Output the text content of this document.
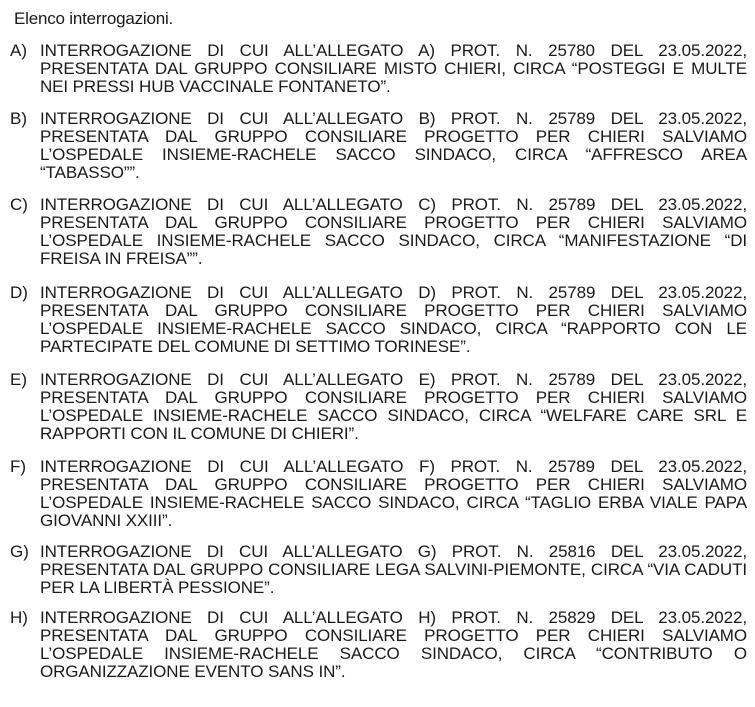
Elenco interrogazioni.
A) INTERROGAZIONE DI CUI ALL’ALLEGATO A) PROT. N. 25780 DEL 23.05.2022,
PRESENTATA DAL GRUPPO CONSILIARE MISTO CHIERI, CIRCA “POSTEGGI E MULTE
NEI PRESSI HUB VACCINALE FONTANETO”.
B) INTERROGAZIONE DI CUI ALL’ALLEGATO B) PROT. N. 25789 DEL 23.05.2022,
PRESENTATA DAL GRUPPO CONSILIARE PROGETTO PER CHIERI SALVIAMO
L’OSPEDALE INSIEME-RACHELE SACCO SINDACO, CIRCA “AFFRESCO AREA
“TABASSO””.
C) INTERROGAZIONE DI CUI ALL’ALLEGATO C) PROT. N. 25789 DEL 23.05.2022,
PRESENTATA DAL GRUPPO CONSILIARE PROGETTO PER CHIERI SALVIAMO
L’OSPEDALE INSIEME-RACHELE SACCO SINDACO, CIRCA “MANIFESTAZIONE “DI
FREISA IN FREISA””.
D) INTERROGAZIONE DI CUI ALL’ALLEGATO D) PROT. N. 25789 DEL 23.05.2022,
PRESENTATA DAL GRUPPO CONSILIARE PROGETTO PER CHIERI SALVIAMO
L’OSPEDALE INSIEME-RACHELE SACCO SINDACO, CIRCA “RAPPORTO CON LE
PARTECIPATE DEL COMUNE DI SETTIMO TORINESE”.
E) INTERROGAZIONE DI CUI ALL’ALLEGATO E) PROT. N. 25789 DEL 23.05.2022,
PRESENTATA DAL GRUPPO CONSILIARE PROGETTO PER CHIERI SALVIAMO
L’OSPEDALE INSIEME-RACHELE SACCO SINDACO, CIRCA “WELFARE CARE SRL E
RAPPORTI CON IL COMUNE DI CHIERI”.
F) INTERROGAZIONE DI CUI ALL’ALLEGATO F) PROT. N. 25789 DEL 23.05.2022,
PRESENTATA DAL GRUPPO CONSILIARE PROGETTO PER CHIERI SALVIAMO
L’OSPEDALE INSIEME-RACHELE SACCO SINDACO, CIRCA “TAGLIO ERBA VIALE PAPA
GIOVANNI XXIII”.
G) INTERROGAZIONE DI CUI ALL’ALLEGATO G) PROT. N. 25816 DEL 23.05.2022,
PRESENTATA DAL GRUPPO CONSILIARE LEGA SALVINI-PIEMONTE, CIRCA “VIA CADUTI
PER LA LIBERTÀ PESSIONE”.
H) INTERROGAZIONE DI CUI ALL’ALLEGATO H) PROT. N. 25829 DEL 23.05.2022,
PRESENTATA DAL GRUPPO CONSILIARE PROGETTO PER CHIERI SALVIAMO
L’OSPEDALE INSIEME-RACHELE SACCO SINDACO, CIRCA “CONTRIBUTO O
ORGANIZZAZIONE EVENTO SANS IN”.
